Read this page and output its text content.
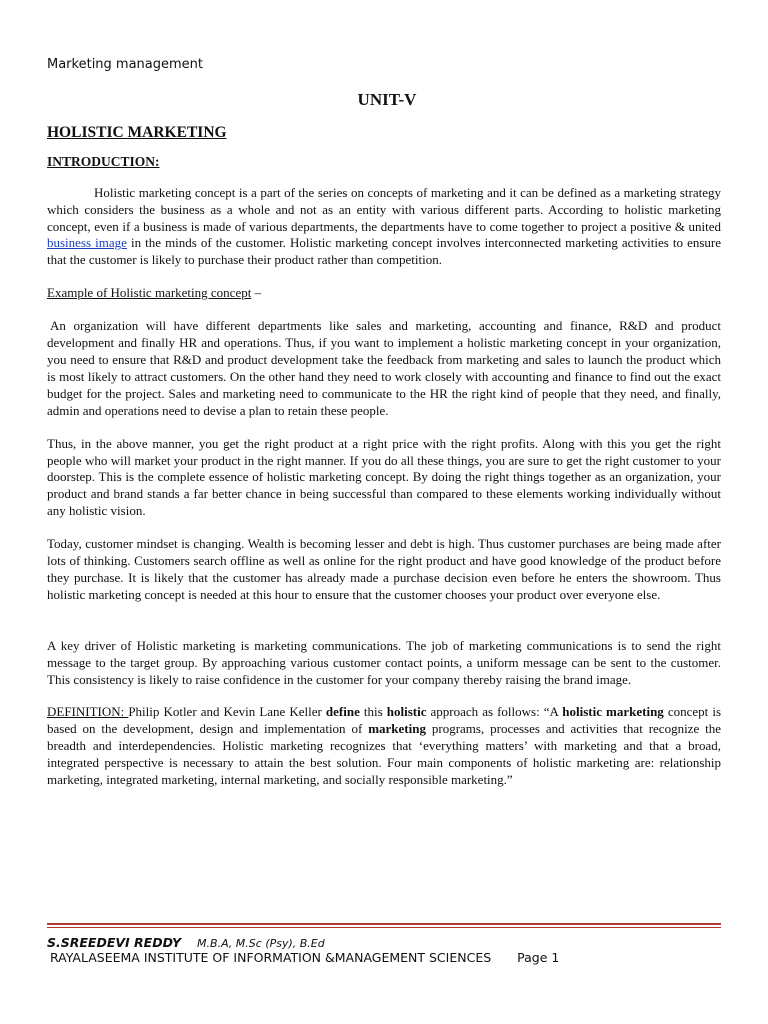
Marketing management
UNIT-V
HOLISTIC MARKETING
INTRODUCTION:

Holistic marketing concept is a part of the series on concepts of marketing and it can be defined as a marketing strategy which considers the business as a whole and not as an entity with various different parts. According to holistic marketing concept, even if a business is made of various departments, the departments have to come together to project a positive & united business image in the minds of the customer. Holistic marketing concept involves interconnected marketing activities to ensure that the customer is likely to purchase their product rather than competition.

Example of Holistic marketing concept –

An organization will have different departments like sales and marketing, accounting and finance, R&D and product development and finally HR and operations. Thus, if you want to implement a holistic marketing concept in your organization, you need to ensure that R&D and product development take the feedback from marketing and sales to launch the product which is most likely to attract customers. On the other hand they need to work closely with accounting and finance to find out the exact budget for the project. Sales and marketing need to communicate to the HR the right kind of people that they need, and finally, admin and operations need to devise a plan to retain these people.

Thus, in the above manner, you get the right product at a right price with the right profits. Along with this you get the right people who will market your product in the right manner. If you do all these things, you are sure to get the right customer to your doorstep. This is the complete essence of holistic marketing concept. By doing the right things together as an organization, your product and brand stands a far better chance in being successful than compared to these elements working individually without any holistic vision.

Today, customer mindset is changing. Wealth is becoming lesser and debt is high. Thus customer purchases are being made after lots of thinking. Customers search offline as well as online for the right product and have good knowledge of the product before they purchase. It is likely that the customer has already made a purchase decision even before he enters the showroom. Thus holistic marketing concept is needed at this hour to ensure that the customer chooses your product over everyone else.

A key driver of Holistic marketing is marketing communications. The job of marketing communications is to send the right message to the target group. By approaching various customer contact points, a uniform message can be sent to the customer. This consistency is likely to raise confidence in the customer for your company thereby raising the brand image.

DEFINITION: Philip Kotler and Kevin Lane Keller define this holistic approach as follows: “A holistic marketing concept is based on the development, design and implementation of marketing programs, processes and activities that recognize the breadth and interdependencies. Holistic marketing recognizes that ‘everything matters’ with marketing and that a broad, integrated perspective is necessary to attain the best solution. Four main components of holistic marketing are: relationship marketing, integrated marketing, internal marketing, and socially responsible marketing.”

S.SREEDEVI REDDY M.B.A, M.Sc (Psy), B.Ed
RAYALASEEMA INSTITUTE OF INFORMATION &MANAGEMENT SCIENCES Page 1
